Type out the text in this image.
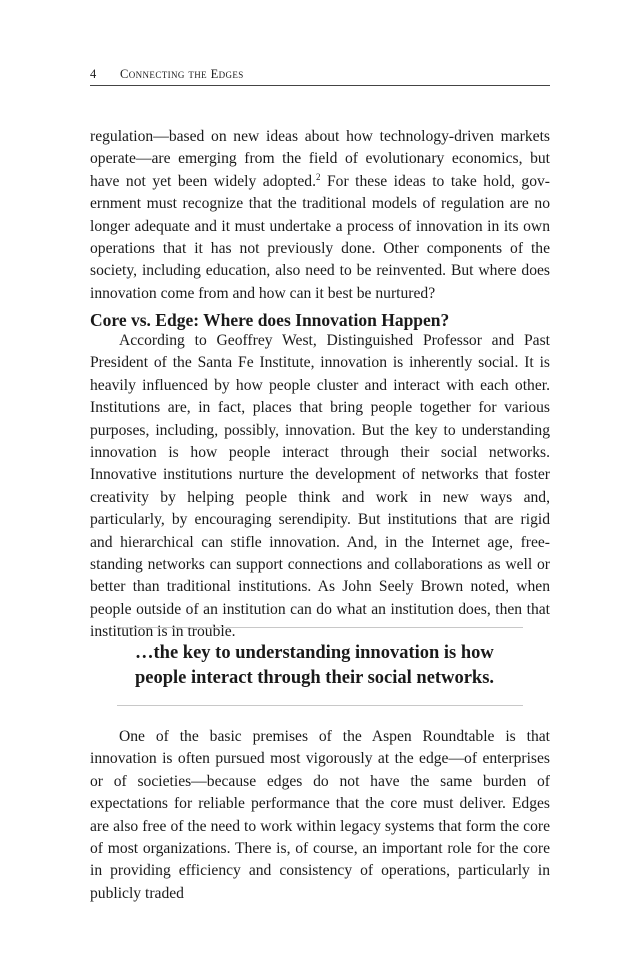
4 Connecting the Edges

regulation—based on new ideas about how technology-driven markets operate—are emerging from the field of evolutionary economics, but have not yet been widely adopted.$^2$ For these ideas to take hold, government must recognize that the traditional models of regulation are no longer adequate and it must undertake a process of innovation in its own operations that it has not previously done. Other components of the society, including education, also need to be reinvented. But where does innovation come from and how can it best be nurtured?

Core vs. Edge: Where does Innovation Happen?

According to Geoffrey West, Distinguished Professor and Past President of the Santa Fe Institute, innovation is inherently social. It is heavily influenced by how people cluster and interact with each other. Institutions are, in fact, places that bring people together for various purposes, including, possibly, innovation. But the key to understanding innovation is how people interact through their social networks. Innovative institutions nurture the development of networks that foster creativity by helping people think and work in new ways and, particularly, by encouraging serendipity. But institutions that are rigid and hierarchical can stifle innovation. And, in the Internet age, freestanding networks can support connections and collaborations as well or better than traditional institutions. As John Seely Brown noted, when people outside of an institution can do what an institution does, then that institution is in trouble.

…the key to understanding innovation is how people interact through their social networks.

One of the basic premises of the Aspen Roundtable is that innovation is often pursued most vigorously at the edge—of enterprises or of societies—because edges do not have the same burden of expectations for reliable performance that the core must deliver. Edges are also free of the need to work within legacy systems that form the core of most organizations. There is, of course, an important role for the core in providing efficiency and consistency of operations, particularly in publicly traded
